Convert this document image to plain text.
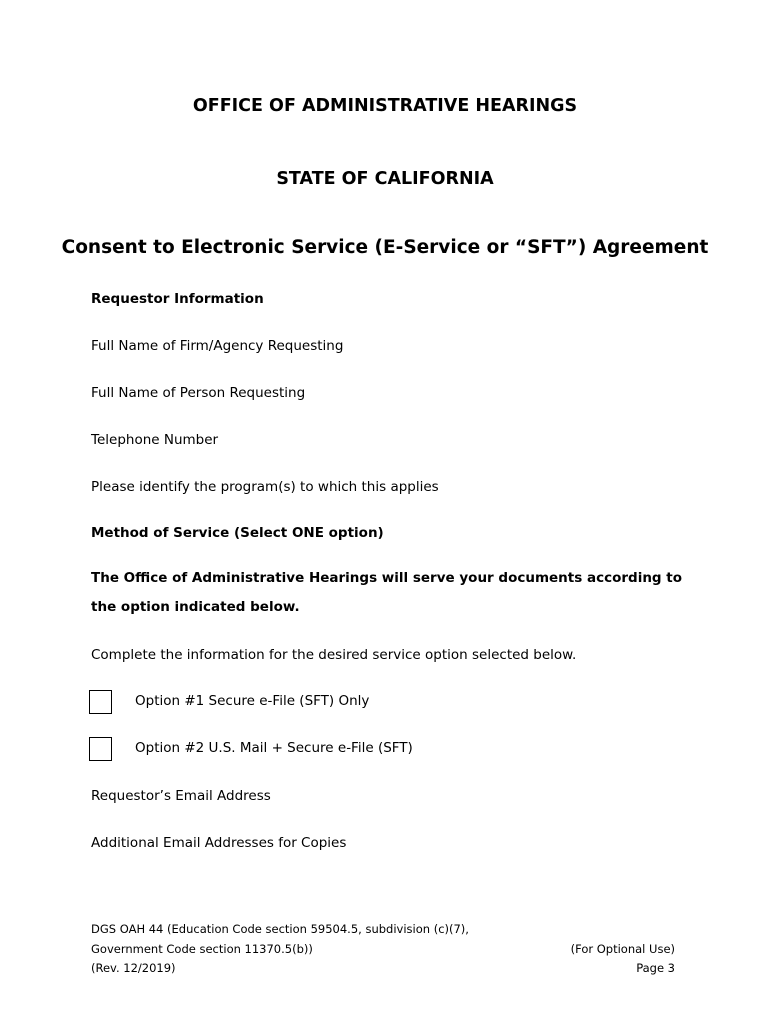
OFFICE OF ADMINISTRATIVE HEARINGS

STATE OF CALIFORNIA

Consent to Electronic Service (E-Service or “SFT”) Agreement

Requestor Information

Full Name of Firm/Agency Requesting

Full Name of Person Requesting

Telephone Number

Please identify the program(s) to which this applies

Method of Service (Select ONE option)

The Office of Administrative Hearings will serve your documents according to

the option indicated below.

Complete the information for the desired service option selected below.

Option #1 Secure e-File (SFT) Only

Option #2 U.S. Mail + Secure e-File (SFT)

Requestor’s Email Address

Additional Email Addresses for Copies

DGS OAH 44 (Education Code section 59504.5, subdivision (c)(7),

Government Code section 11370.5(b))

(Rev. 12/2019)

(For Optional Use)

Page 3
